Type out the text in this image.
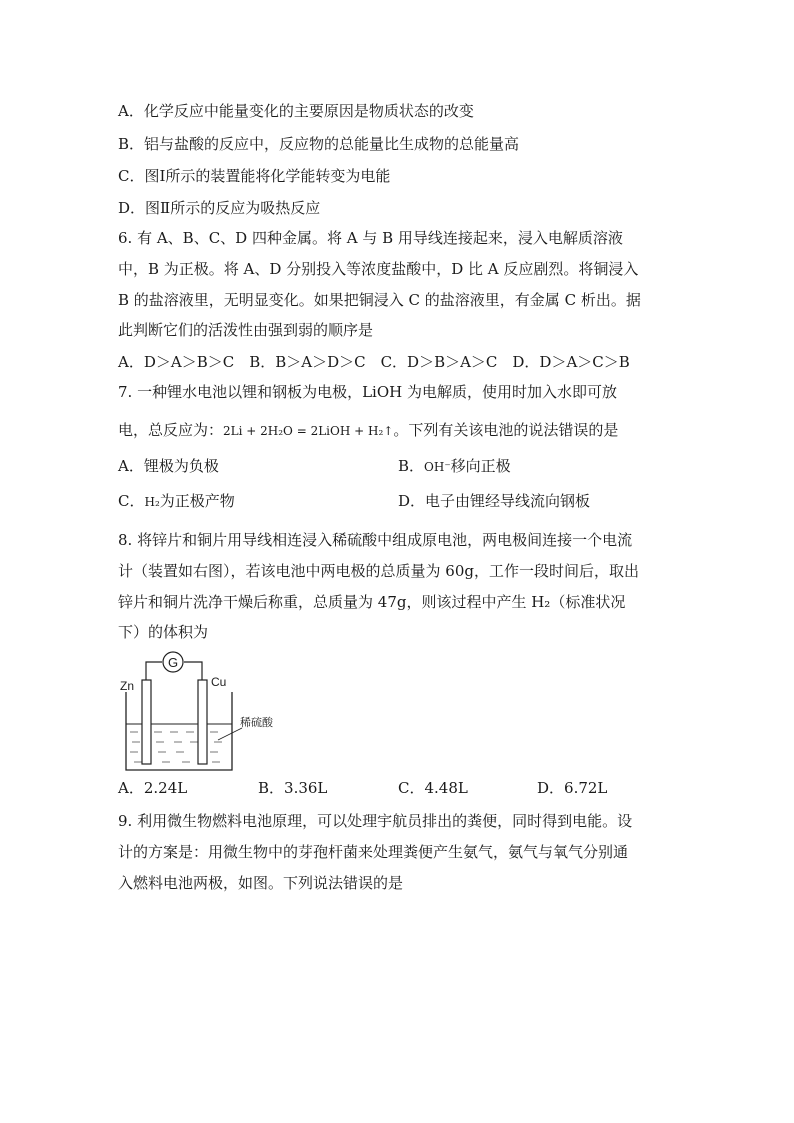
A．化学反应中能量变化的主要原因是物质状态的改变
B．铝与盐酸的反应中，反应物的总能量比生成物的总能量高
C．图Ⅰ所示的装置能将化学能转变为电能
D．图Ⅱ所示的反应为吸热反应
6. 有 A、B、C、D 四种金属。将 A 与 B 用导线连接起来，浸入电解质溶液
中，B 为正极。将 A、D 分别投入等浓度盐酸中，D 比 A 反应剧烈。将铜浸入
B 的盐溶液里，无明显变化。如果把铜浸入 C 的盐溶液里，有金属 C 析出。据
此判断它们的活泼性由强到弱的顺序是
A．D＞A＞B＞C　B．B＞A＞D＞C　C．D＞B＞A＞C　D．D＞A＞C＞B
7. 一种锂水电池以锂和钢板为电极，LiOH 为电解质，使用时加入水即可放
电，总反应为：2Li + 2H₂O = 2LiOH + H₂↑。下列有关该电池的说法错误的是
A．锂极为负极	B．OH⁻移向正极
C．H₂为正极产物	D．电子由锂经导线流向钢板
8. 将锌片和铜片用导线相连浸入稀硫酸中组成原电池，两电极间连接一个电流
计（装置如右图），若该电池中两电极的总质量为 60g，工作一段时间后，取出
锌片和铜片洗净干燥后称重，总质量为 47g，则该过程中产生 H₂（标准状况
下）的体积为
G
Zn	Cu
稀硫酸
A．2.24L	B．3.36L	C．4.48L	D．6.72L
9. 利用微生物燃料电池原理，可以处理宇航员排出的粪便，同时得到电能。设
计的方案是：用微生物中的芽孢杆菌来处理粪便产生氨气，氨气与氧气分别通
入燃料电池两极，如图。下列说法错误的是
